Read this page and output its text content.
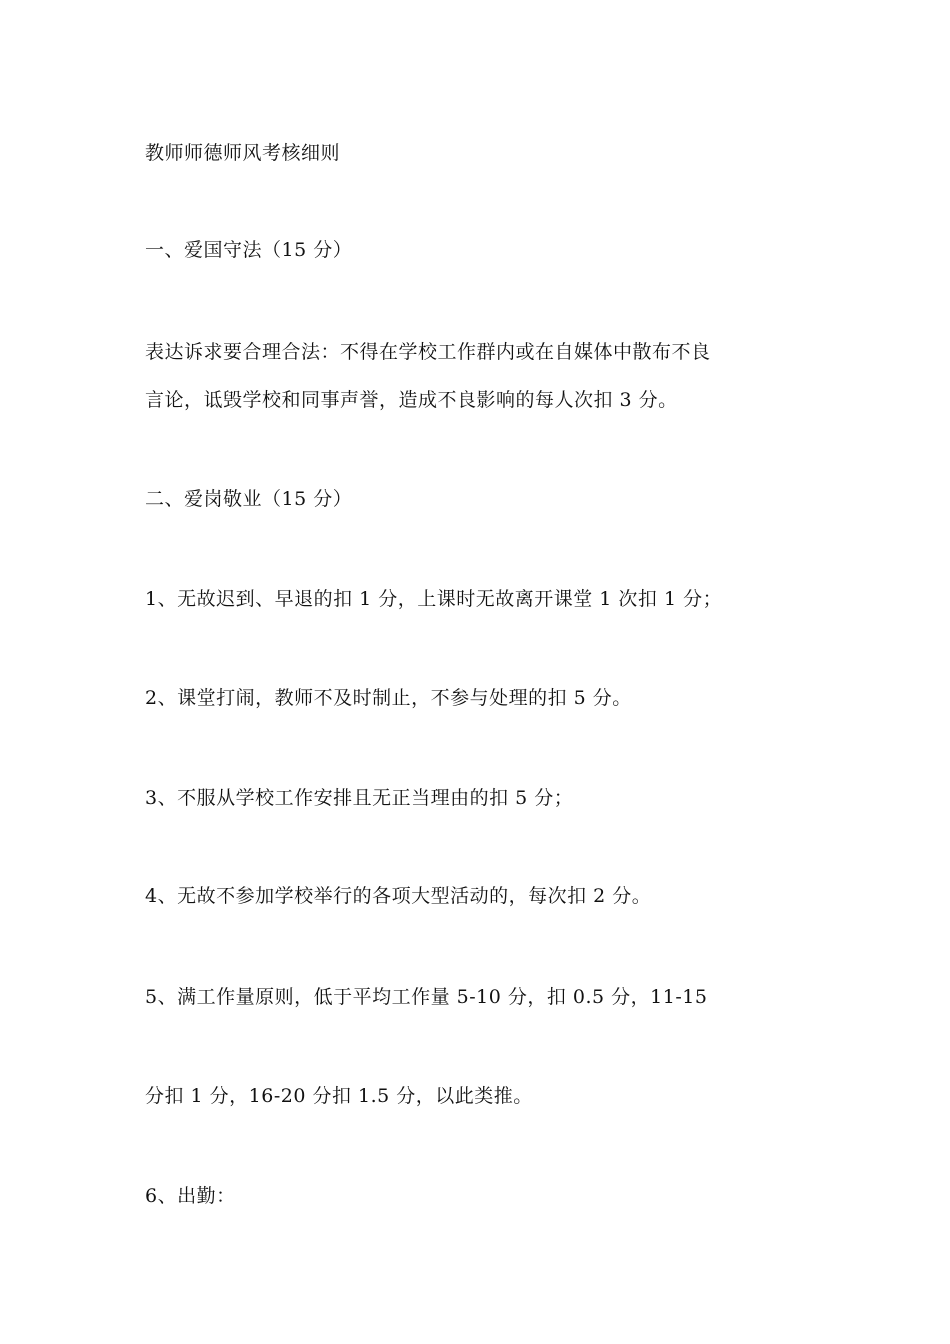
教师师德师风考核细则
一、爱国守法（15 分）
表达诉求要合理合法：不得在学校工作群内或在自媒体中散布不良
言论，诋毁学校和同事声誉，造成不良影响的每人次扣 3 分。
二、爱岗敬业（15 分）
1、无故迟到、早退的扣 1 分，上课时无故离开课堂 1 次扣 1 分；
2、课堂打闹，教师不及时制止，不参与处理的扣 5 分。
3、不服从学校工作安排且无正当理由的扣 5 分；
4、无故不参加学校举行的各项大型活动的，每次扣 2 分。
5、满工作量原则，低于平均工作量 5-10 分，扣 0.5 分，11-15
分扣 1 分，16-20 分扣 1.5 分，以此类推。
6、出勤：
